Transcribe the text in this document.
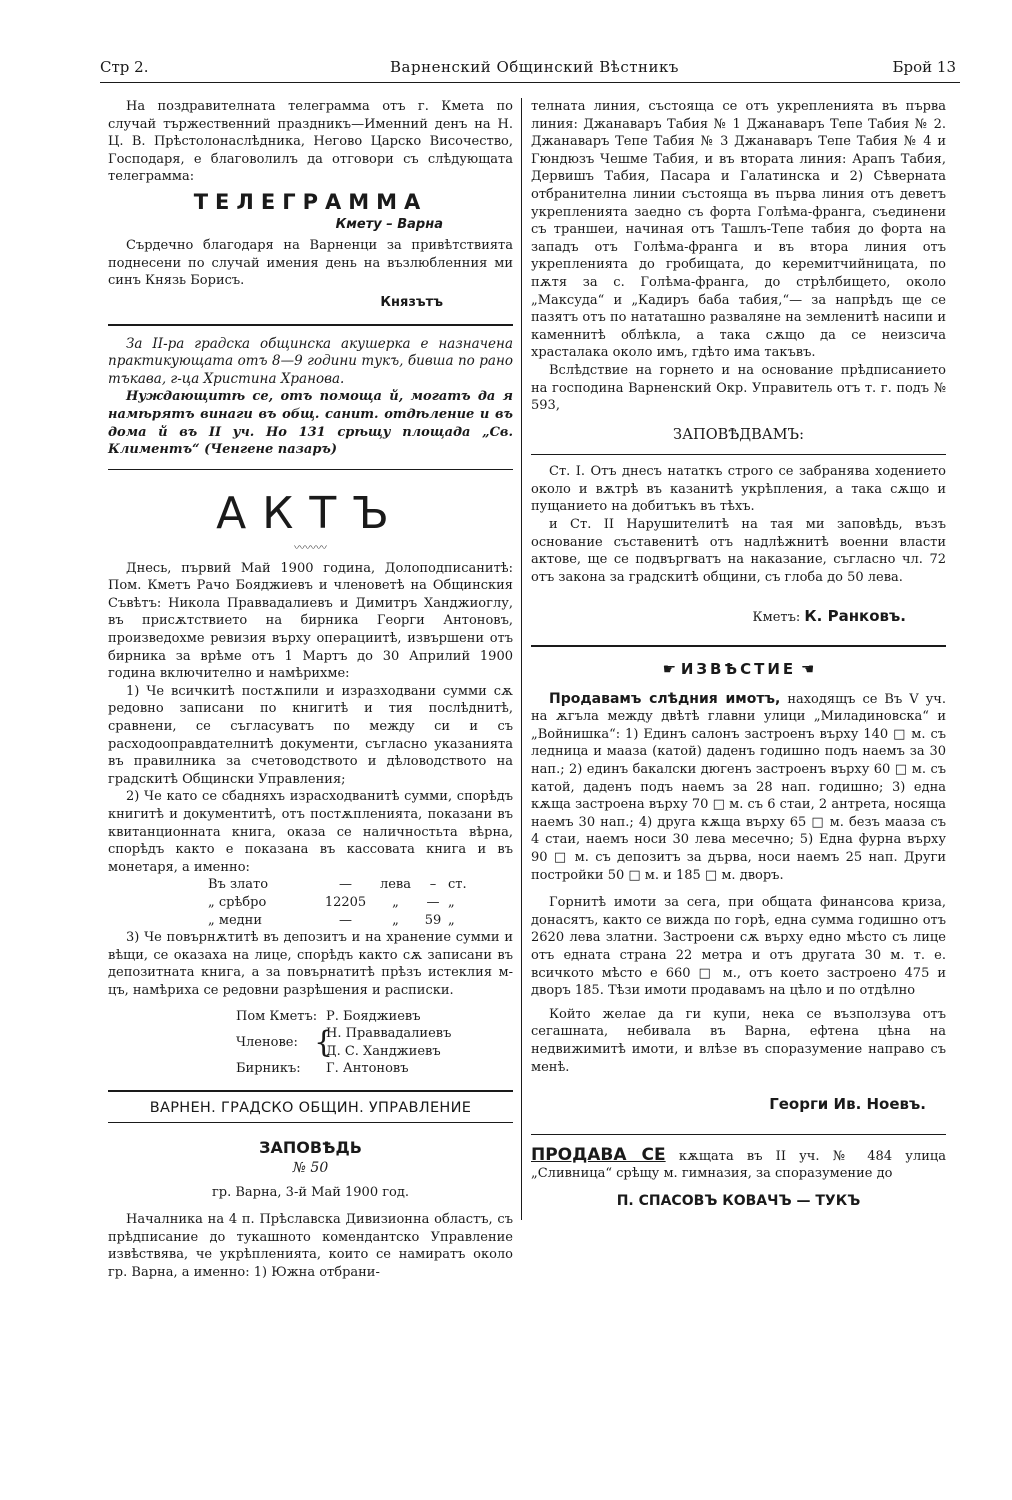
Стр 2.	Варненский Общинский Вѣстникъ	Брой 13

На поздравителната телеграмма отъ г. Кмета по случай тържественний праздникъ—Именний денъ на Н. Ц. В. Прѣстолонаслѣдника, Негово Царско Височество, Господаря, е благоволилъ да отговори съ слѣдующата телеграмма:

ТЕЛЕГРАММА
Кмету – Варна

Сърдечно благодаря на Варненци за привѣтствията поднесени по случай имения день на възлюбленния ми синъ Князь Борисъ.

Князътъ

За II-ра градска общинска акушерка е назначена практикующата отъ 8—9 години тукъ, бивша по рано тъкава, г-ца Христина Хранова.

Нуждающитѣ се, отъ помоща й, могатъ да я намѣрятъ винаги въ общ. санит. отдѣление и въ дома й въ II уч. Но 131 срѣщу площада „Св. Климентъ“ (Ченгене пазаръ)

АКТЪ
〰〰〰

Днесь, първий Май 1900 година, Долоподписанитѣ: Пом. Кметъ Рачо Бояджиевъ и членоветѣ на Общинския Съвѣтъ: Никола Праввадалиевъ и Димитръ Ханджиоглу, въ присѫтствието на бирника Георги Антоновъ, произведохме ревизия върху операциитѣ, извършени отъ бирника за врѣме отъ 1 Мартъ до 30 Априлий 1900 година включително и намѣрихме:

1) Че всичкитѣ постѫпили и изразходвани сумми сѫ редовно записани по книгитѣ и тия послѣднитѣ, сравнени, се съгласуватъ по между си и съ расходооправдателнитѣ документи, съгласно указанията въ правилника за счетоводството и дѣловодството на градскитѣ Общински Управления;

2) Че като се сбадняхъ израсходванитѣ сумми, спорѣдъ книгитѣ и документитѣ, отъ постѫпленията, показани въ квитанционната книга, оказа се наличностьта вѣрна, спорѣдъ както е показана въ кассовата книга и въ монетаря, а именно:

Въ злато	—	лева	– ст.
„ срѣбро	12205	„	— „
„ медни	—	„	59 „

3) Че повърнѫтитѣ въ депозитъ и на хранение сумми и вѣщи, се оказаха на лице, спорѣдъ както сѫ записани въ депозитната книга, а за повърнатитѣ прѣзъ истеклия м-цъ, намѣриха се редовни разрѣшения и расписки.

Пом Кметъ: Р. Бояджиевъ
Членове: {
Н. Праввадалиевъ
Д. С. Ханджиевъ
Бирникъ:	Г. Антоновъ
ВАРНЕН. ГРАДСКО ОБЩИН. УПРАВЛЕНИЕ
ЗАПОВѢДЬ
№ 50
гр. Варна, 3-й Май 1900 год.

Началника на 4 п. Прѣславска Дивизионна областъ, съ прѣдписание до тукашното комендантско Управление извѣствява, че укрѣпленията, които се намиратъ около гр. Варна, а именно: 1) Южна отбрани-

телната линия, състояща се отъ укрепленията въ първа линия: Джанаваръ Табия № 1 Джанаваръ Тепе Табия № 2. Джанаваръ Тепе Табия № 3 Джанаваръ Тепе Табия № 4 и Гюндюзъ Чешме Табия, и въ втората линия: Арапъ Табия, Дервишъ Табия, Пасара и Галатинска и 2) Сѣверната отбранителна линии състояща въ първа линия отъ деветъ укрепленията заедно съ форта Голѣма-франга, съединени съ траншеи, начиная отъ Ташлъ-Тепе табия до форта на западъ отъ Голѣма-франга и въ втора линия отъ укрепленията до гробищата, до керемитчийницата, по пѫтя за с. Голѣма-франга, до стрѣлбището, около „Максуда“ и „Кадиръ баба табия,“— за напрѣдъ ще се пазятъ отъ по нататашно разваляне на земленитѣ насипи и каменнитѣ облѣкла, а така сѫщо да се неизсича храсталака около имъ, гдѣто има такъвъ.

Вслѣдствие на горнето и на основание прѣдписанието на господина Варненский Окр. Управитель отъ т. г. подъ № 593,

ЗАПОВѢДВАМЪ:

Ст. I. Отъ днесъ нататкъ строго се забранява ходението около и вѫтрѣ въ казанитѣ укрѣпления, а така сѫщо и пущанието на добитъкъ въ тѣхъ.

и Ст. II Нарушителитѣ на тая ми заповѣдь, възъ основание съставенитѣ отъ надлѣжнитѣ военни власти актове, ще се подвъргватъ на наказание, съгласно чл. 72 отъ закона за градскитѣ общини, съ глоба до 50 лева.

Кметъ: К. Ранковъ.
☛ ИЗВѢСТИЕ ☚

Продавамъ слѣдния имотъ, находящъ се Въ V уч. на ѫгъла между двѣтѣ главни улици „Миладиновска“ и „Войнишка“: 1) Единъ салонъ застроенъ върху 140 □ м. съ ледница и мааза (катой) даденъ годишно подъ наемъ за 30 нап.; 2) единъ бакалски дюгенъ застроенъ върху 60 □ м. съ катой, даденъ подъ наемъ за 28 нап. годишно; 3) една кѫща застроена върху 70 □ м. съ 6 стаи, 2 антрета, носяща наемъ 30 нап.; 4) друга кѫща върху 65 □ м. безъ мааза съ 4 стаи, наемъ носи 30 лева месечно; 5) Една фурна върху 90 □ м. съ депозитъ за дърва, носи наемъ 25 нап. Други постройки 50 □ м. и 185 □ м. дворъ.

Горнитѣ имоти за сега, при общата финансова криза, донасятъ, както се вижда по горѣ, една сумма годишно отъ 2620 лева златни. Застроени сѫ върху едно мѣсто съ лице отъ едната страна 22 метра и отъ другата 30 м. т. е. всичкото мѣсто е 660 □ м., отъ което застроено 475 и дворъ 185. Тѣзи имоти продавамъ на цѣло и по отдѣлно

Който желае да ги купи, нека се възползува отъ сегашната, небивала въ Варна, ефтена цѣна на недвижимитѣ имоти, и влѣзе въ споразумение направо съ менѣ.

Георги Ив. Ноевъ.

ПРОДАВА СЕ кѫщата въ II уч. № 484 улица „Сливница“ срѣщу м. гимназия, за споразумение до

П. СПАСОВЪ КОВАЧЪ — ТУКЪ
